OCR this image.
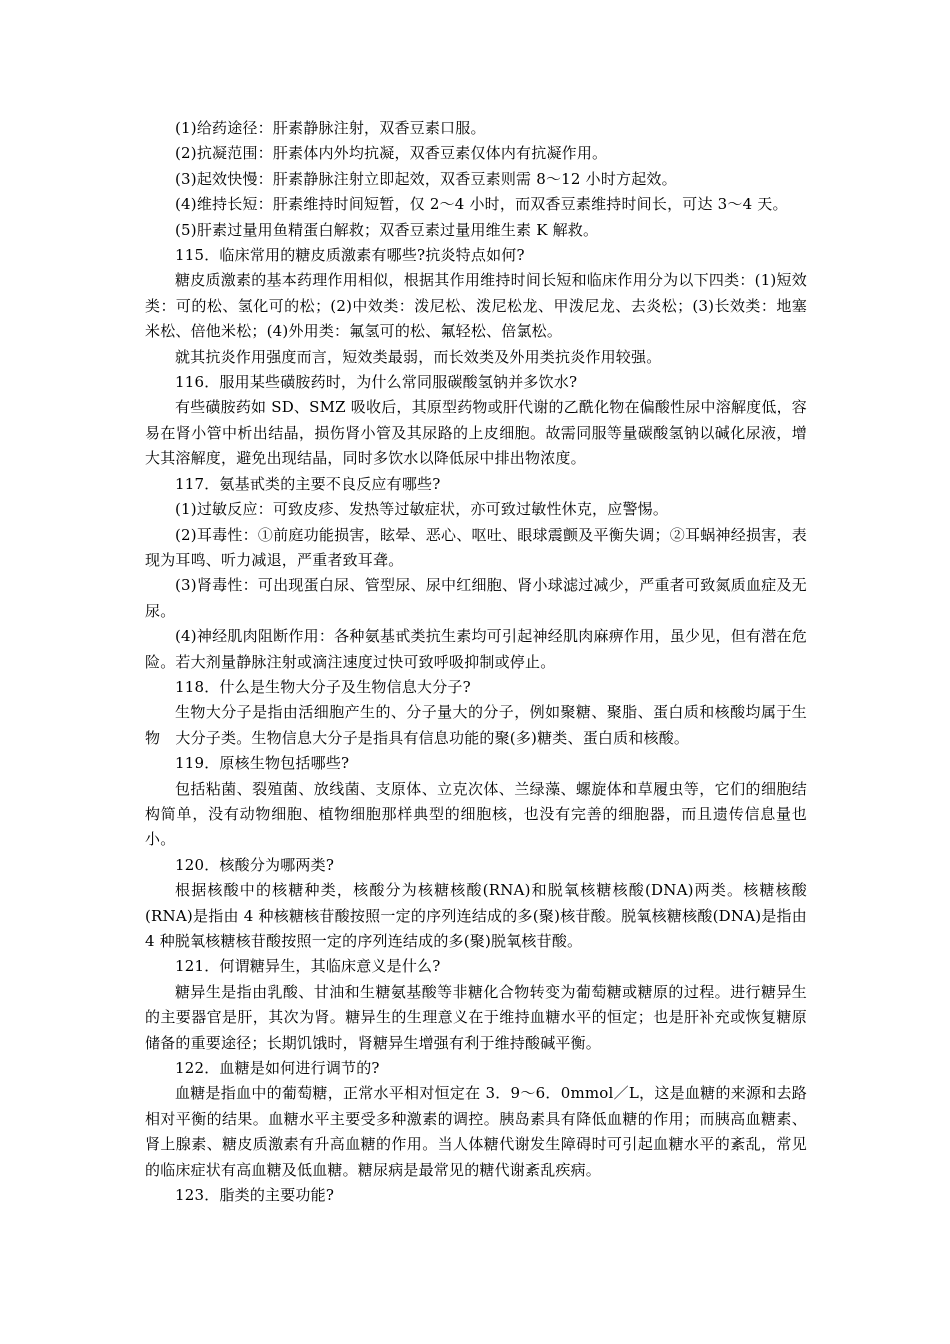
(1)给药途径：肝素静脉注射，双香豆素口服。

(2)抗凝范围：肝素体内外均抗凝，双香豆素仅体内有抗凝作用。

(3)起效快慢：肝素静脉注射立即起效，双香豆素则需 8～12 小时方起效。

(4)维持长短：肝素维持时间短暂，仅 2～4 小时，而双香豆素维持时间长，可达 3～4 天。

(5)肝素过量用鱼精蛋白解救；双香豆素过量用维生素 K 解救。

115．临床常用的糖皮质激素有哪些?抗炎特点如何?

糖皮质激素的基本药理作用相似，根据其作用维持时间长短和临床作用分为以下四类：(1)短效类：可的松、氢化可的松；(2)中效类：泼尼松、泼尼松龙、甲泼尼龙、去炎松；(3)长效类：地塞米松、倍他米松；(4)外用类：氟氢可的松、氟轻松、倍氯松。

就其抗炎作用强度而言，短效类最弱，而长效类及外用类抗炎作用较强。

116．服用某些磺胺药时，为什么常同服碳酸氢钠并多饮水?

有些磺胺药如 SD、SMZ 吸收后，其原型药物或肝代谢的乙酰化物在偏酸性尿中溶解度低，容易在肾小管中析出结晶，损伤肾小管及其尿路的上皮细胞。故需同服等量碳酸氢钠以碱化尿液，增大其溶解度，避免出现结晶，同时多饮水以降低尿中排出物浓度。

117．氨基甙类的主要不良反应有哪些?

(1)过敏反应：可致皮疹、发热等过敏症状，亦可致过敏性休克，应警惕。

(2)耳毒性：①前庭功能损害，眩晕、恶心、呕吐、眼球震颤及平衡失调；②耳蜗神经损害，表现为耳鸣、听力减退，严重者致耳聋。

(3)肾毒性：可出现蛋白尿、管型尿、尿中红细胞、肾小球滤过减少，严重者可致氮质血症及无尿。

(4)神经肌肉阻断作用：各种氨基甙类抗生素均可引起神经肌肉麻痹作用，虽少见，但有潜在危险。若大剂量静脉注射或滴注速度过快可致呼吸抑制或停止。

118．什么是生物大分子及生物信息大分子?

生物大分子是指由活细胞产生的、分子量大的分子，例如聚糖、聚脂、蛋白质和核酸均属于生物　大分子类。生物信息大分子是指具有信息功能的聚(多)糖类、蛋白质和核酸。

119．原核生物包括哪些?

包括粘菌、裂殖菌、放线菌、支原体、立克次体、兰绿藻、螺旋体和草履虫等，它们的细胞结构简单，没有动物细胞、植物细胞那样典型的细胞核，也没有完善的细胞器，而且遗传信息量也小。

120．核酸分为哪两类?

根据核酸中的核糖种类，核酸分为核糖核酸(RNA)和脱氧核糖核酸(DNA)两类。核糖核酸(RNA)是指由 4 种核糖核苷酸按照一定的序列连结成的多(聚)核苷酸。脱氧核糖核酸(DNA)是指由 4 种脱氧核糖核苷酸按照一定的序列连结成的多(聚)脱氧核苷酸。

121．何谓糖异生，其临床意义是什么?

糖异生是指由乳酸、甘油和生糖氨基酸等非糖化合物转变为葡萄糖或糖原的过程。进行糖异生的主要器官是肝，其次为肾。糖异生的生理意义在于维持血糖水平的恒定；也是肝补充或恢复糖原储备的重要途径；长期饥饿时，肾糖异生增强有利于维持酸碱平衡。

122．血糖是如何进行调节的?

血糖是指血中的葡萄糖，正常水平相对恒定在 3．9～6．0mmol／L，这是血糖的来源和去路相对平衡的结果。血糖水平主要受多种激素的调控。胰岛素具有降低血糖的作用；而胰高血糖素、肾上腺素、糖皮质激素有升高血糖的作用。当人体糖代谢发生障碍时可引起血糖水平的紊乱，常见的临床症状有高血糖及低血糖。糖尿病是最常见的糖代谢紊乱疾病。

123．脂类的主要功能?
